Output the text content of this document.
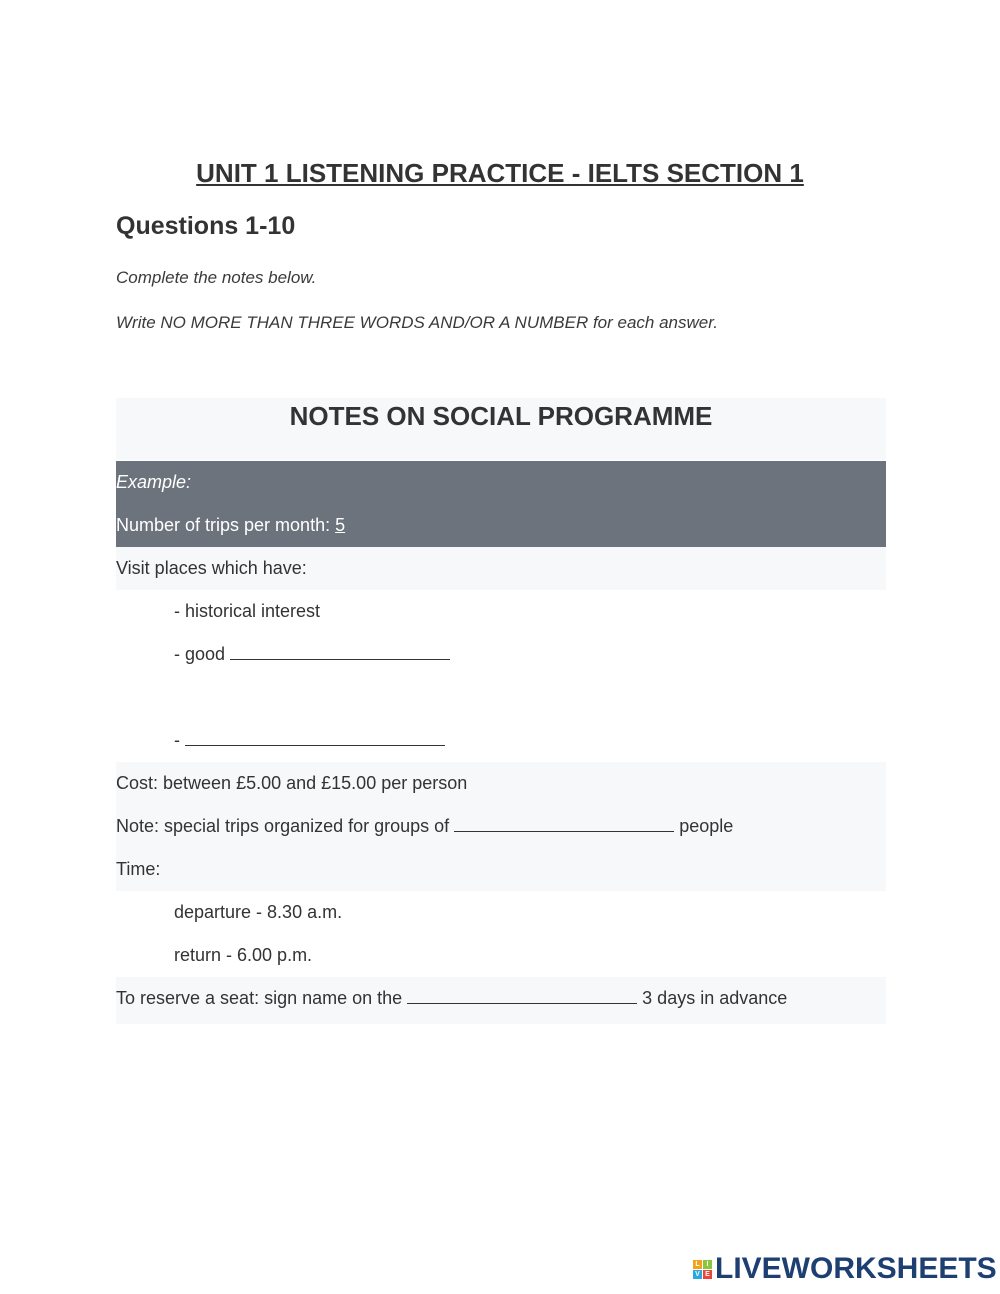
UNIT 1 LISTENING PRACTICE - IELTS SECTION 1
Questions 1-10
Complete the notes below.
Write NO MORE THAN THREE WORDS AND/OR A NUMBER for each answer.
NOTES ON SOCIAL PROGRAMME
Example:
Number of trips per month: 5
Visit places which have:
- historical interest
- good
-
Cost: between £5.00 and £15.00 per person
Note: special trips organized for groups of	people
Time:
departure - 8.30 a.m.
return - 6.00 p.m.
To reserve a seat: sign name on the	3 days in advance
L I
V E LIVEWORKSHEETS
